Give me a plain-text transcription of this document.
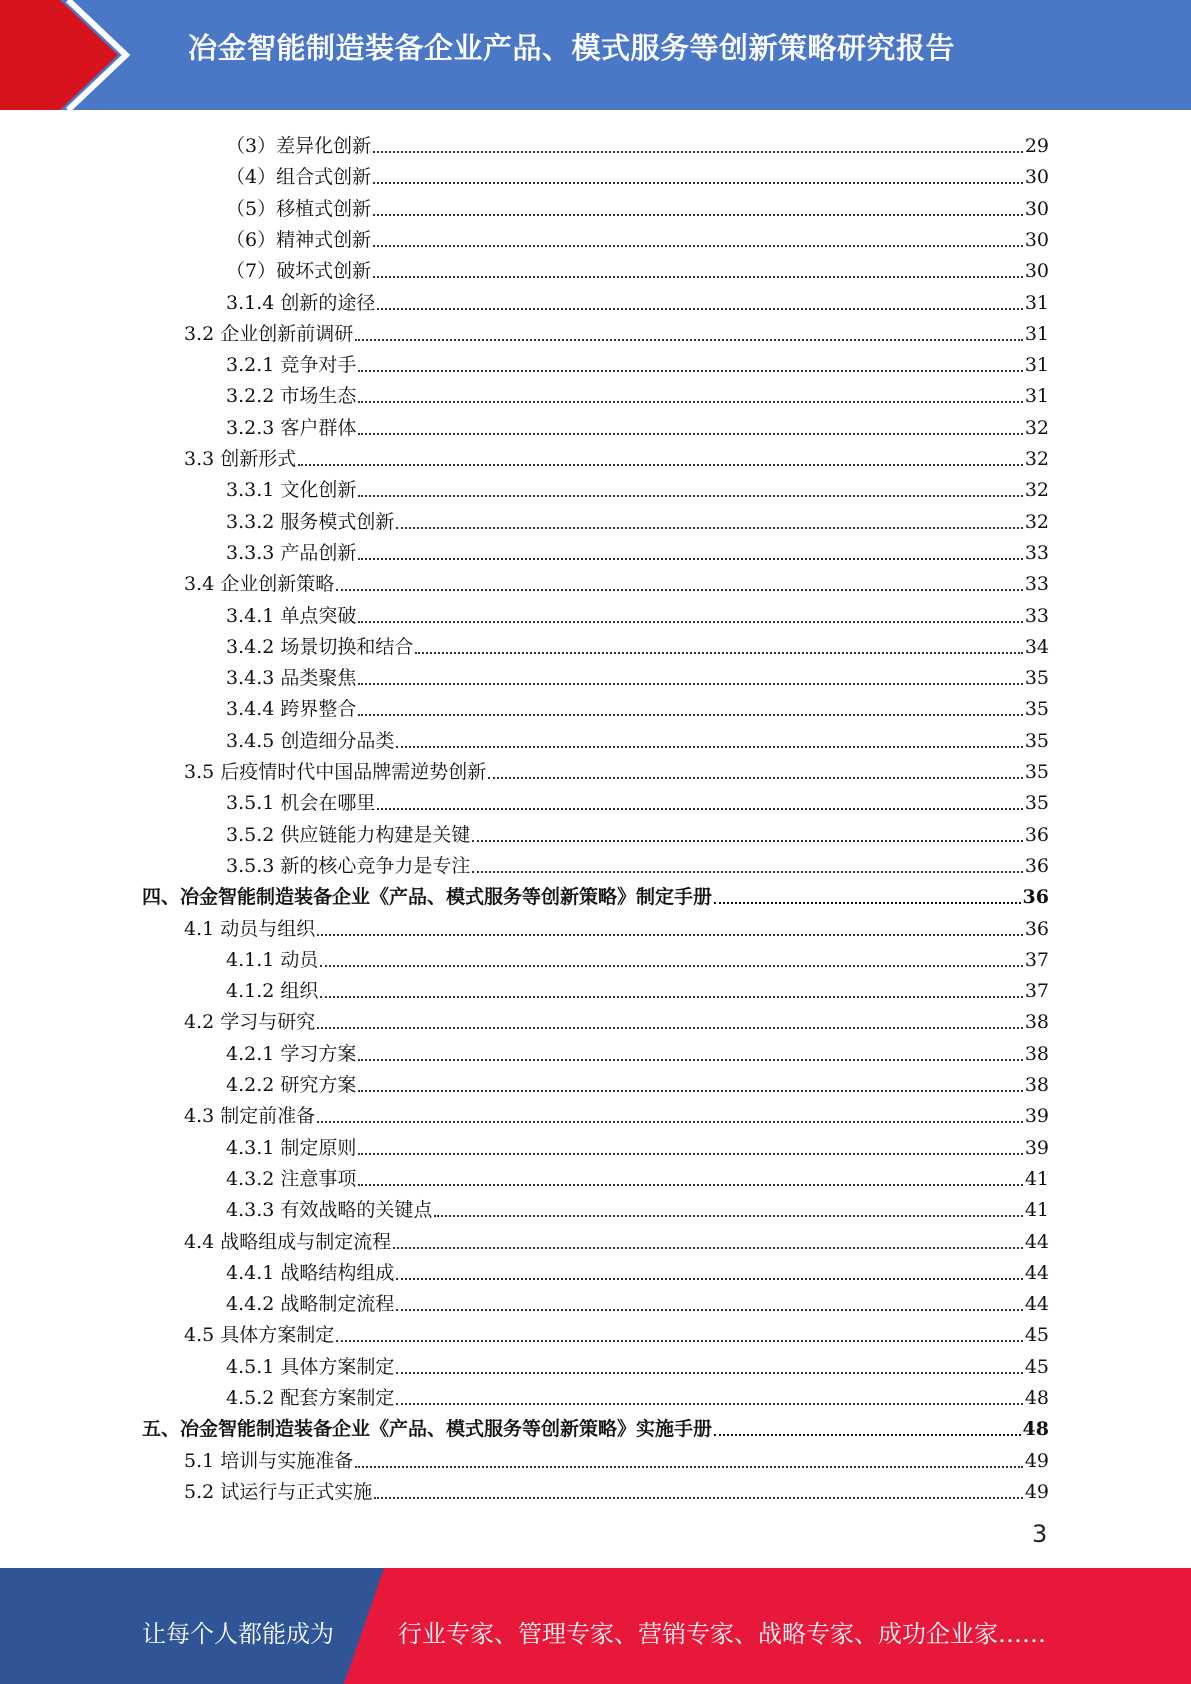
冶金智能制造装备企业产品、模式服务等创新策略研究报告
（3）差异化创新	29
（4）组合式创新	30
（5）移植式创新	30
（6）精神式创新	30
（7）破坏式创新	30
3.1.4 创新的途径	31
3.2 企业创新前调研	31
3.2.1 竞争对手	31
3.2.2 市场生态	31
3.2.3 客户群体	32
3.3 创新形式	32
3.3.1 文化创新	32
3.3.2 服务模式创新	32
3.3.3 产品创新	33
3.4 企业创新策略	33
3.4.1 单点突破	33
3.4.2 场景切换和结合	34
3.4.3 品类聚焦	35
3.4.4 跨界整合	35
3.4.5 创造细分品类	35
3.5 后疫情时代中国品牌需逆势创新	35
3.5.1 机会在哪里	35
3.5.2 供应链能力构建是关键	36
3.5.3 新的核心竞争力是专注	36
四、冶金智能制造装备企业《产品、模式服务等创新策略》制定手册	36
4.1 动员与组织	36
4.1.1 动员	37
4.1.2 组织	37
4.2 学习与研究	38
4.2.1 学习方案	38
4.2.2 研究方案	38
4.3 制定前准备	39
4.3.1 制定原则	39
4.3.2 注意事项	41
4.3.3 有效战略的关键点	41
4.4 战略组成与制定流程	44
4.4.1 战略结构组成	44
4.4.2 战略制定流程	44
4.5 具体方案制定	45
4.5.1 具体方案制定	45
4.5.2 配套方案制定	48
五、冶金智能制造装备企业《产品、模式服务等创新策略》实施手册	48
5.1 培训与实施准备	49
5.2 试运行与正式实施	49
3
让每个人都能成为	行业专家、管理专家、营销专家、战略专家、成功企业家……
